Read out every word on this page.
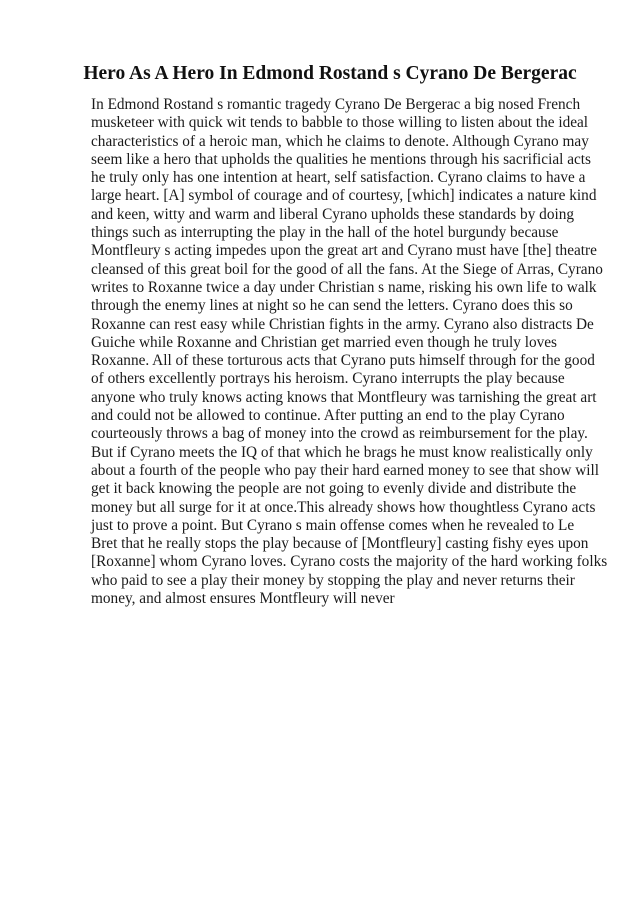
Hero As A Hero In Edmond Rostand s Cyrano De Bergerac
In Edmond Rostand s romantic tragedy Cyrano De Bergerac a big nosed French
musketeer with quick wit tends to babble to those willing to listen about the ideal
characteristics of a heroic man, which he claims to denote. Although Cyrano may
seem like a hero that upholds the qualities he mentions through his sacrificial acts
he truly only has one intention at heart, self satisfaction. Cyrano claims to have a
large heart. [A] symbol of courage and of courtesy, [which] indicates a nature kind
and keen, witty and warm and liberal Cyrano upholds these standards by doing
things such as interrupting the play in the hall of the hotel burgundy because
Montfleury s acting impedes upon the great art and Cyrano must have [the] theatre
cleansed of this great boil for the good of all the fans. At the Siege of Arras, Cyrano
writes to Roxanne twice a day under Christian s name, risking his own life to walk
through the enemy lines at night so he can send the letters. Cyrano does this so
Roxanne can rest easy while Christian fights in the army. Cyrano also distracts De
Guiche while Roxanne and Christian get married even though he truly loves
Roxanne. All of these torturous acts that Cyrano puts himself through for the good
of others excellently portrays his heroism. Cyrano interrupts the play because
anyone who truly knows acting knows that Montfleury was tarnishing the great art
and could not be allowed to continue. After putting an end to the play Cyrano
courteously throws a bag of money into the crowd as reimbursement for the play.
But if Cyrano meets the IQ of that which he brags he must know realistically only
about a fourth of the people who pay their hard earned money to see that show will
get it back knowing the people are not going to evenly divide and distribute the
money but all surge for it at once.This already shows how thoughtless Cyrano acts
just to prove a point. But Cyrano s main offense comes when he revealed to Le
Bret that he really stops the play because of [Montfleury] casting fishy eyes upon
[Roxanne] whom Cyrano loves. Cyrano costs the majority of the hard working folks
who paid to see a play their money by stopping the play and never returns their
money, and almost ensures Montfleury will never
